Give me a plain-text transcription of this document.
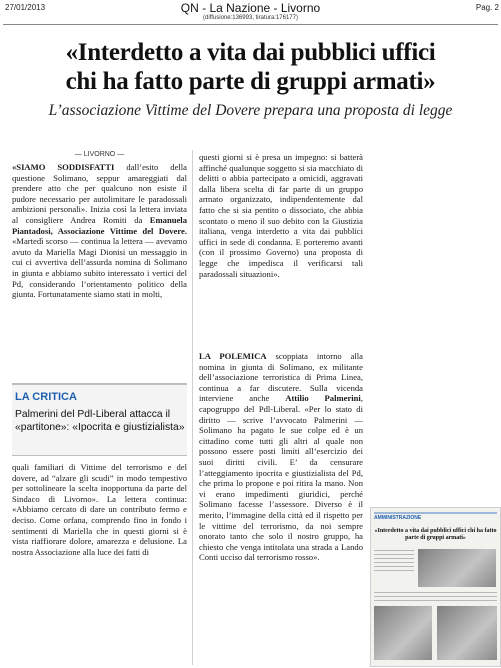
27/01/2013	QN - La Nazione - Livorno
(diffusione:136993, tiratura:176177)
Pag. 2
«Interdetto a vita dai pubblici uffici
chi ha fatto parte di gruppi armati»
L’associazione Vittime del Dovere prepara una proposta di legge
— LIVORNO —

«SIAMO SODDISFATTI dall’esito della questione Solimano, seppur amareggiati dal prendere atto che per qualcuno non esiste il pudore necessario per autolimitare le paradossali ambizioni personali». Inizia così la lettera inviata al consigliere Andrea Romiti da Emanuela Piantadosi, Associazione Vittime del Dovere. «Martedì scorso — continua la lettera — avevamo avuto da Mariella Magi Dionisi un messaggio in cui ci avvertiva dell’assurda nomina di Solimano in giunta e abbiamo subito interessato i vertici del Pd, considerando l’orientamento politico della giunta. Fortunatamente siamo stati in molti,

LA CRITICA
Palmerini del Pdl-Liberal attacca il «partitone»: «Ipocrita e giustizialista»

quali familiari di Vittime del terrorismo e del dovere, ad “alzare gli scudi” in modo tempestivo per sottolineare la scelta inopportuna da parte del Sindaco di Livorno». La lettera continua: «Abbiamo cercato di dare un contributo fermo e deciso. Come orfana, comprendo fino in fondo i sentimenti di Mariella che in questi giorni si è vista riaffiorare dolore, amarezza e delusione. La nostra Associazione alla luce dei fatti di

questi giorni si è presa un impegno: si batterà affinché qualunque soggetto si sia macchiato di delitti o abbia partecipato a omicidi, aggravati dalla libera scelta di far parte di un gruppo armato organizzato, indipendentemente dal fatto che si sia pentito o dissociato, che abbia scontato o meno il suo debito con la Giustizia italiana, venga interdetto a vita dai pubblici uffici in sede di condanna. E porteremo avanti (con il prossimo Governo) una proposta di legge che impedisca il verificarsi tali paradossali situazioni».

LA POLEMICA scoppiata intorno alla nomina in giunta di Solimano, ex militante dell’associazione terroristica di Prima Linea, continua a far discutere. Sulla vicenda interviene anche Attilio Palmerini, capogruppo del Pdl-Liberal. «Per lo stato di diritto — scrive l’avvocato Palmerini — Solimano ha pagato le sue colpe ed è un cittadino come tutti gli altri al quale non possono essere posti limiti all’esercizio dei suoi diritti civili. E’ da censurare l’atteggiamento ipocrita e giustizialista del Pd, che prima lo propone e poi ritira la mano. Non vi erano impedimenti giuridici, perché Solimano facesse l’assessore. Diverso è il merito, l’immagine della città ed il rispetto per le vittime del terrorismo, da noi sempre onorato tanto che solo il nostro gruppo, ha chiesto che venga intitolata una strada a Lando Conti ucciso dal terrorismo rosso».

AMMINISTRAZIONE
«Interdetto a vita dai pubblici uffici chi ha fatto parte di gruppi armati»
